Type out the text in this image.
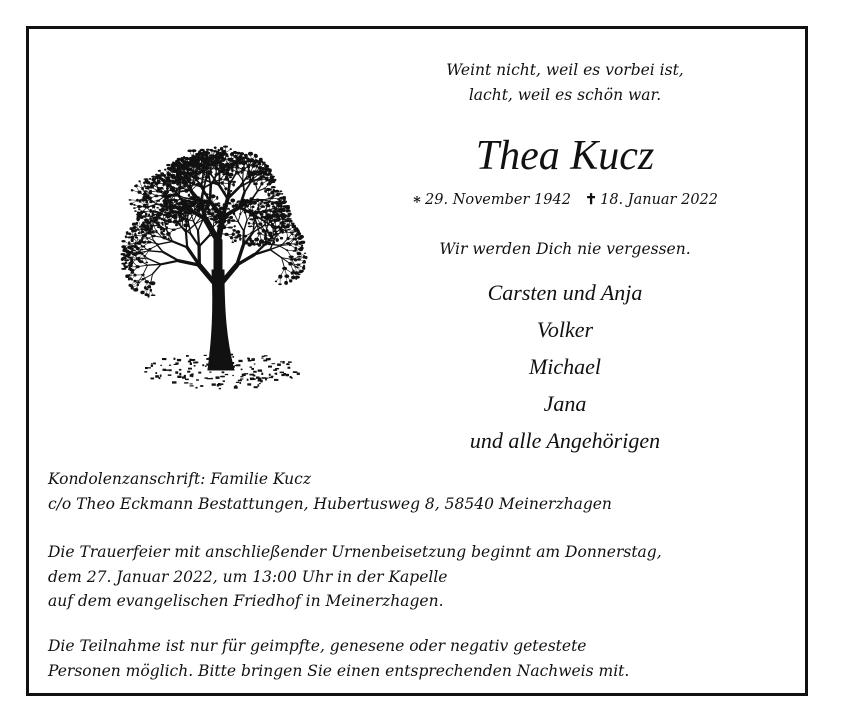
Weint nicht, weil es vorbei ist,
lacht, weil es schön war.
Thea Kucz
∗ 29. November 1942 ✝ 18. Januar 2022
Wir werden Dich nie vergessen.
Carsten und Anja
Volker
Michael
Jana
und alle Angehörigen
Kondolenzanschrift: Familie Kucz
c/o Theo Eckmann Bestattungen, Hubertusweg 8, 58540 Meinerzhagen
Die Trauerfeier mit anschließender Urnenbeisetzung beginnt am Donnerstag,
dem 27. Januar 2022, um 13:00 Uhr in der Kapelle
auf dem evangelischen Friedhof in Meinerzhagen.
Die Teilnahme ist nur für geimpfte, genesene oder negativ getestete
Personen möglich. Bitte bringen Sie einen entsprechenden Nachweis mit.
